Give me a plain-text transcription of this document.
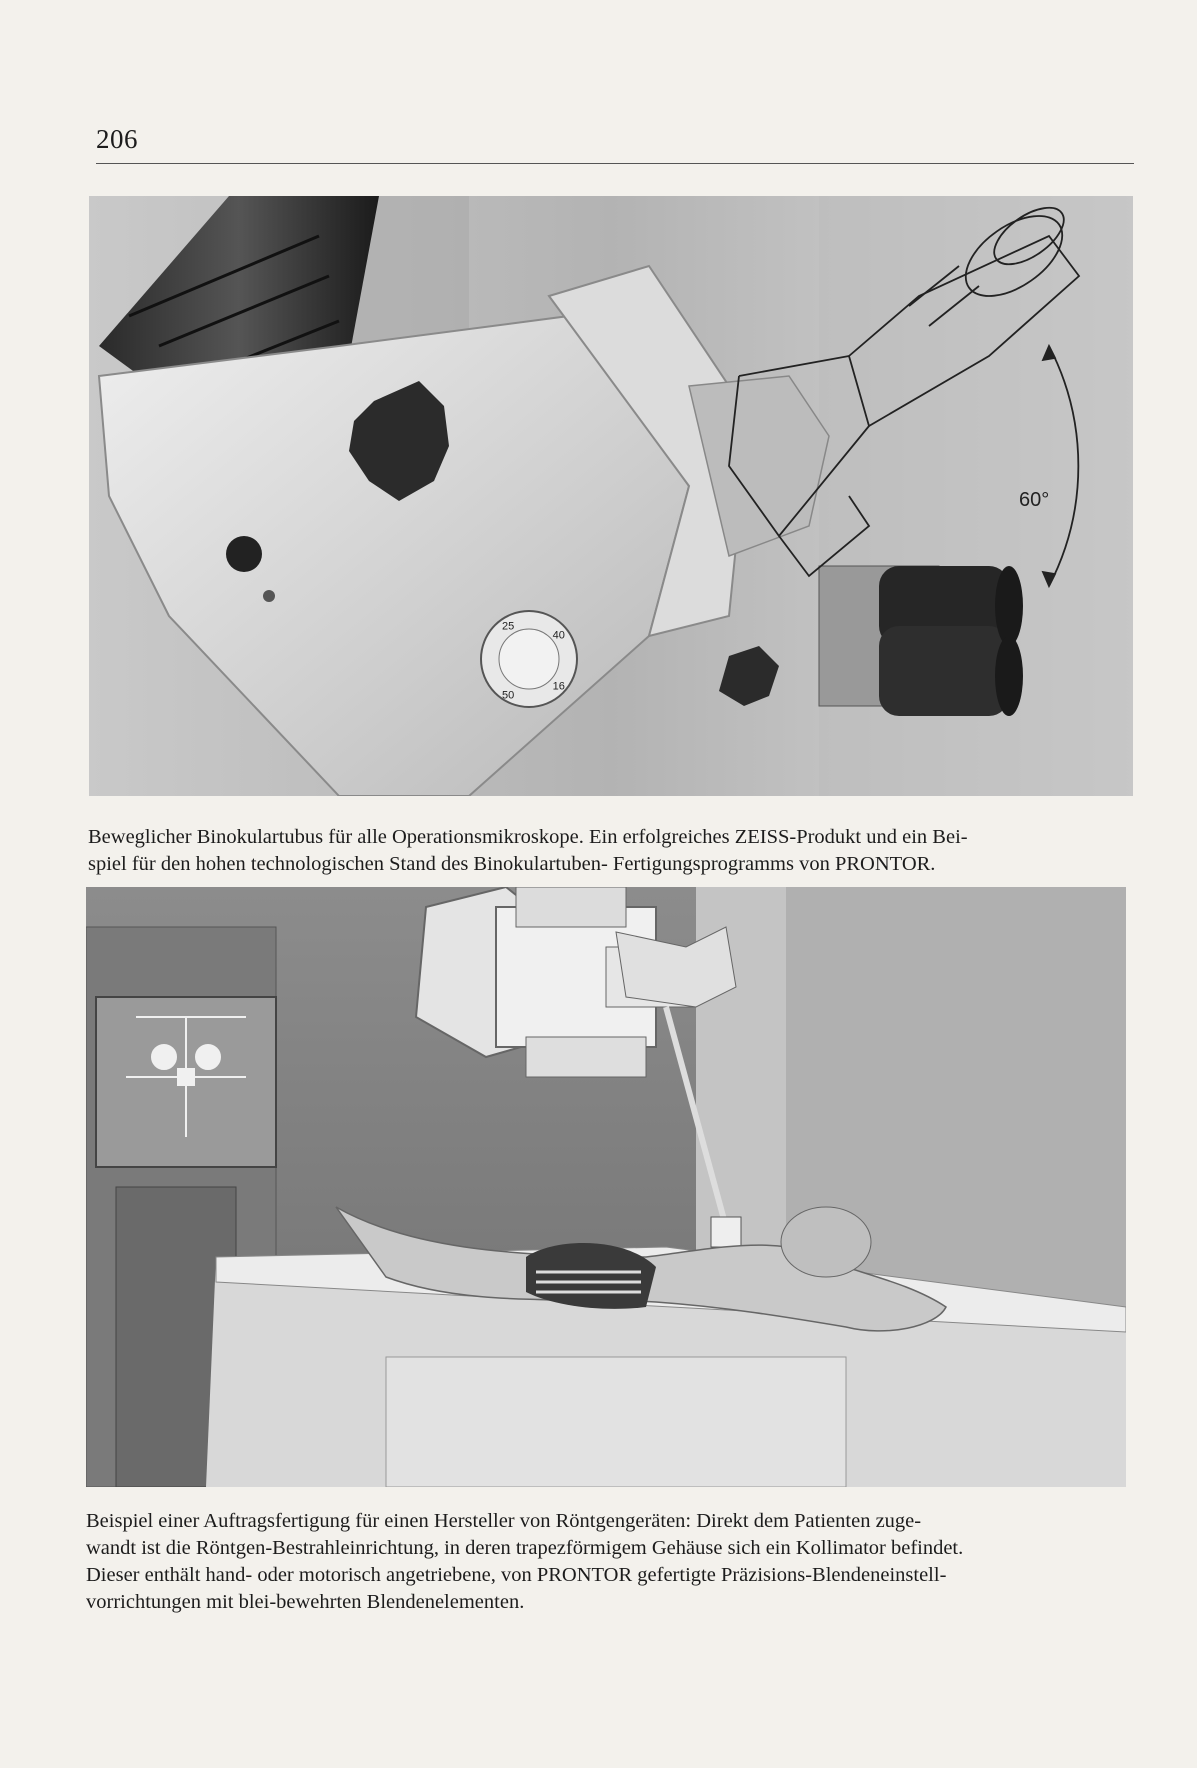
206
60°
25
40
16
50
Beweglicher Binokulartubus für alle Operationsmikroskope. Ein erfolgreiches ZEISS-Produkt und ein Bei-
spiel für den hohen technologischen Stand des Binokulartuben- Fertigungsprogramms von PRONTOR.
Beispiel einer Auftragsfertigung für einen Hersteller von Röntgengeräten: Direkt dem Patienten zuge-
wandt ist die Röntgen-Bestrahleinrichtung, in deren trapezförmigem Gehäuse sich ein Kollimator befindet.
Dieser enthält hand- oder motorisch angetriebene, von PRONTOR gefertigte Präzisions-Blendeneinstell-
vorrichtungen mit blei-bewehrten Blendenelementen.
